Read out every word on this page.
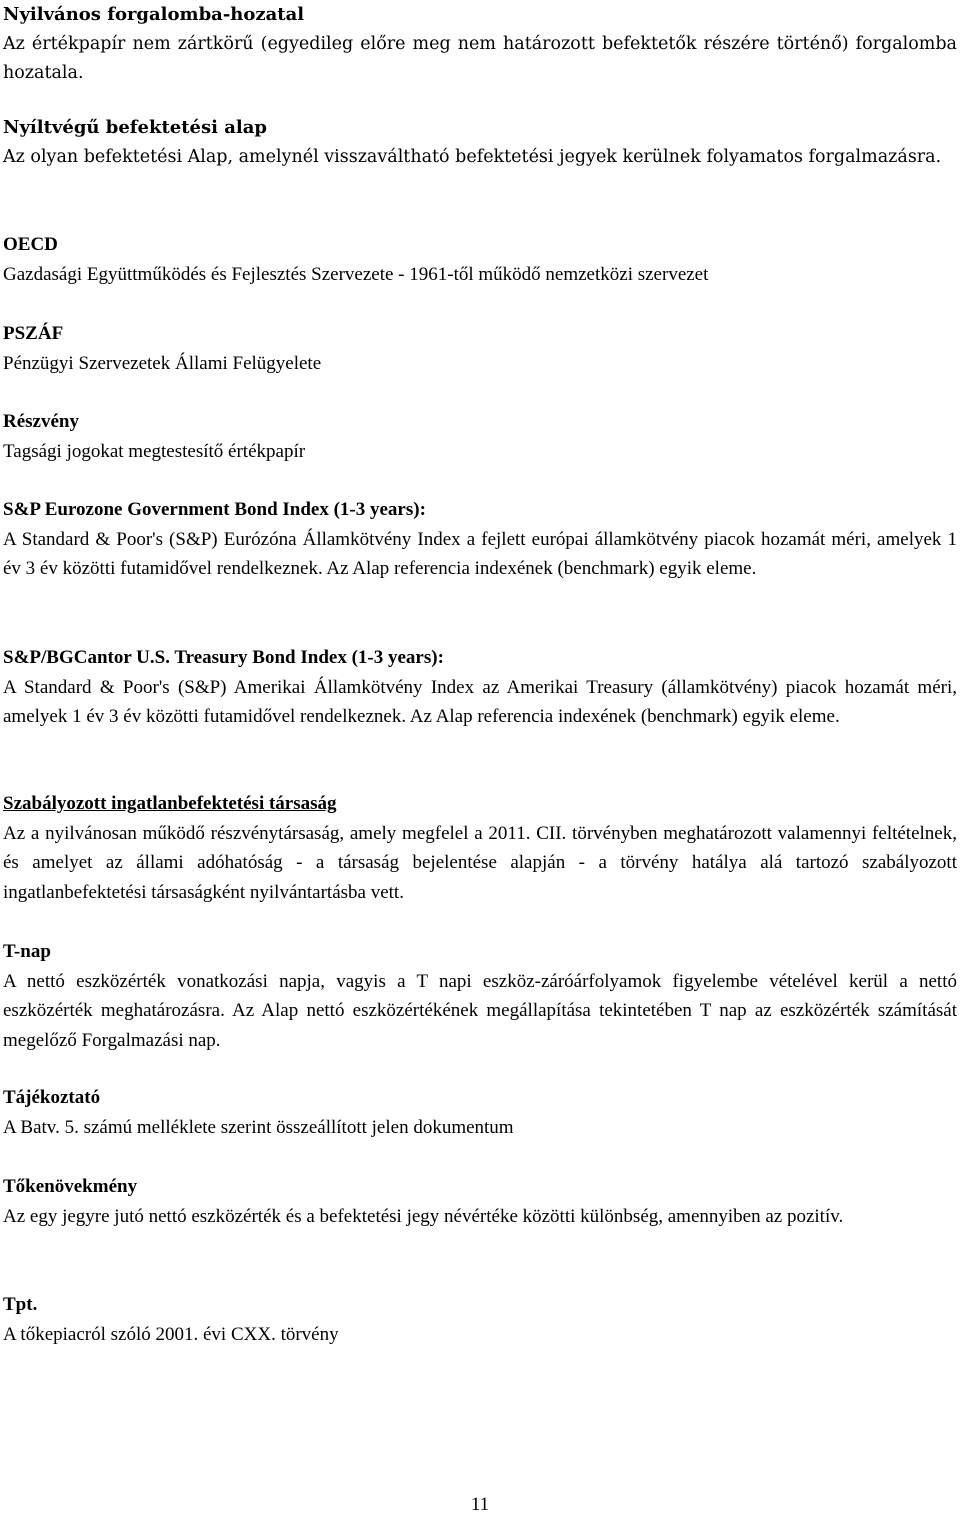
Nyilvános forgalomba-hozatal

Az értékpapír nem zártkörű (egyedileg előre meg nem határozott befektetők részére történő) forgalomba hozatala.

Nyíltvégű befektetési alap

Az olyan befektetési Alap, amelynél visszaváltható befektetési jegyek kerülnek folyamatos forgalmazásra.

OECD

Gazdasági Együttműködés és Fejlesztés Szervezete - 1961-től működő nemzetközi szervezet

PSZÁF

Pénzügyi Szervezetek Állami Felügyelete

Részvény

Tagsági jogokat megtestesítő értékpapír

S&P Eurozone Government Bond Index (1-3 years):

A Standard & Poor's (S&P) Eurózóna Államkötvény Index a fejlett európai államkötvény piacok hozamát méri, amelyek 1 év 3 év közötti futamidővel rendelkeznek. Az Alap referencia indexének (benchmark) egyik eleme.

S&P/BGCantor U.S. Treasury Bond Index (1-3 years):

A Standard & Poor's (S&P) Amerikai Államkötvény Index az Amerikai Treasury (államkötvény) piacok hozamát méri, amelyek 1 év 3 év közötti futamidővel rendelkeznek. Az Alap referencia indexének (benchmark) egyik eleme.

Szabályozott ingatlanbefektetési társaság

Az a nyilvánosan működő részvénytársaság, amely megfelel a 2011. CII. törvényben meghatározott valamennyi feltételnek, és amelyet az állami adóhatóság - a társaság bejelentése alapján - a törvény hatálya alá tartozó szabályozott ingatlanbefektetési társaságként nyilvántartásba vett.

T-nap

A nettó eszközérték vonatkozási napja, vagyis a T napi eszköz-záróárfolyamok figyelembe vételével kerül a nettó eszközérték meghatározásra. Az Alap nettó eszközértékének megállapítása tekintetében T nap az eszközérték számítását megelőző Forgalmazási nap.

Tájékoztató

A Batv. 5. számú melléklete szerint összeállított jelen dokumentum

Tőkenövekmény

Az egy jegyre jutó nettó eszközérték és a befektetési jegy névértéke közötti különbség, amennyiben az pozitív.

Tpt.

A tőkepiacról szóló 2001. évi CXX. törvény

11
